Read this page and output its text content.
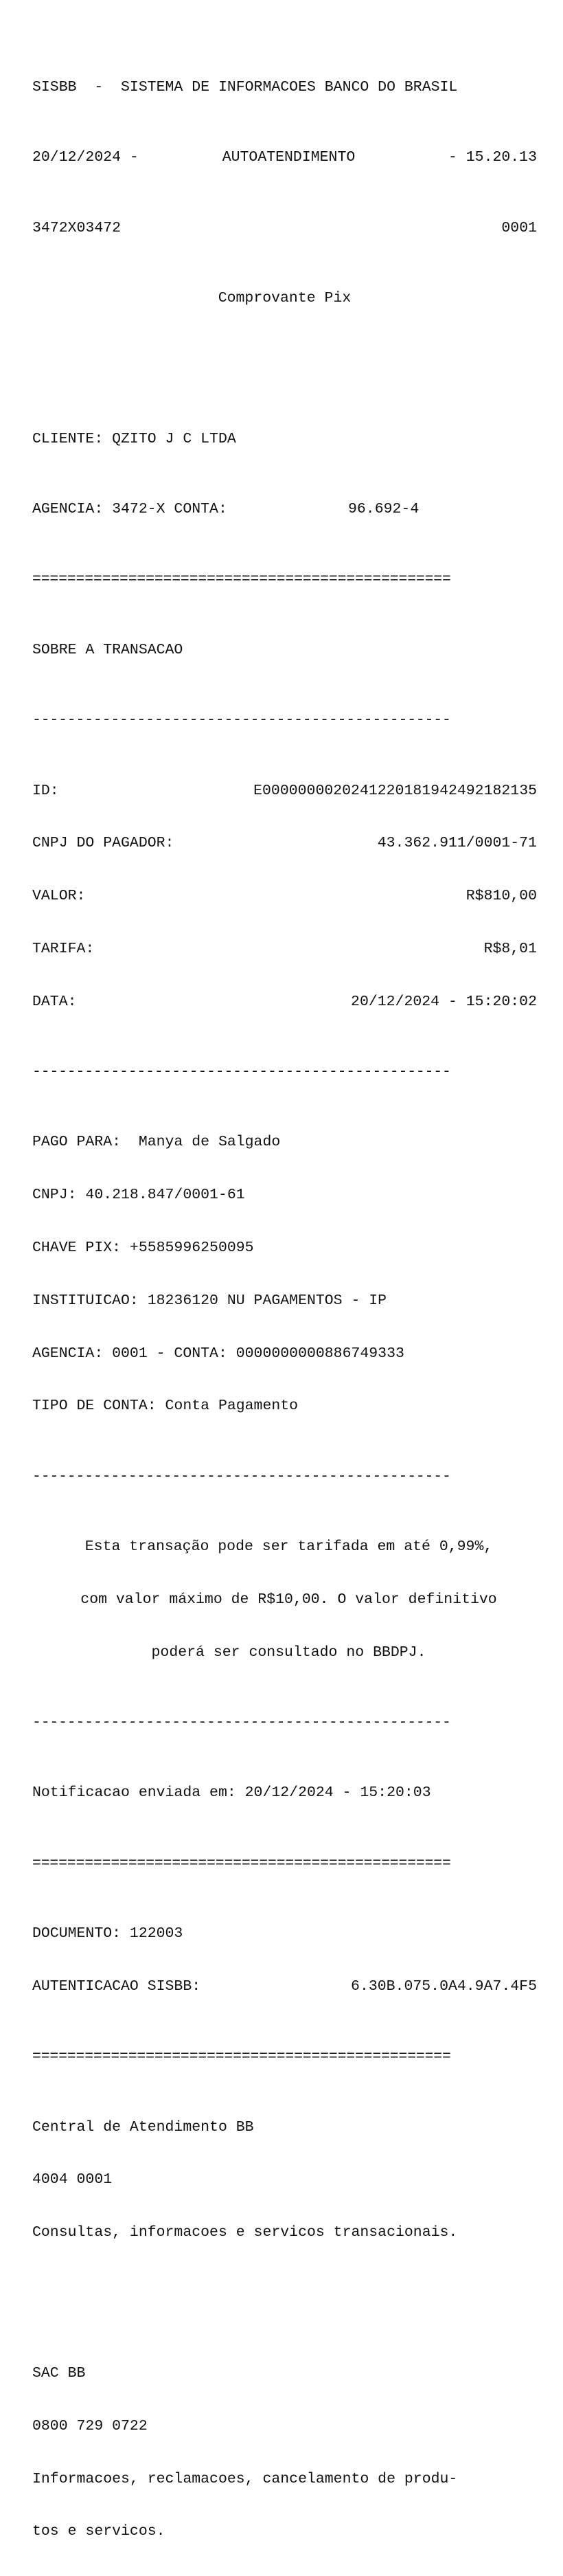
SISBB  -  SISTEMA DE INFORMACOES BANCO DO BRASIL

20/12/2024 -	AUTOATENDIMENTO	- 15.20.13

3472X03472	0001

Comprovante Pix

CLIENTE: QZITO J C LTDA

AGENCIA: 3472-X CONTA:	96.692-4

================================================

SOBRE A TRANSACAO

------------------------------------------------

ID:	E0000000020241220181942492182135

CNPJ DO PAGADOR:	43.362.911/0001-71

VALOR:	R$810,00

TARIFA:	R$8,01

DATA:	20/12/2024 - 15:20:02

------------------------------------------------

PAGO PARA:  Manya de Salgado

CNPJ: 40.218.847/0001-61

CHAVE PIX: +5585996250095

INSTITUICAO: 18236120 NU PAGAMENTOS - IP

AGENCIA: 0001 - CONTA: 0000000000886749333

TIPO DE CONTA: Conta Pagamento

------------------------------------------------

Esta transação pode ser tarifada em até 0,99%,

com valor máximo de R$10,00. O valor definitivo

poderá ser consultado no BBDPJ.

------------------------------------------------

Notificacao enviada em: 20/12/2024 - 15:20:03

================================================

DOCUMENTO: 122003

AUTENTICACAO SISBB:	6.30B.075.0A4.9A7.4F5

================================================

Central de Atendimento BB

4004 0001

Consultas, informacoes e servicos transacionais.

SAC BB

0800 729 0722

Informacoes, reclamacoes, cancelamento de produ-

tos e servicos.
